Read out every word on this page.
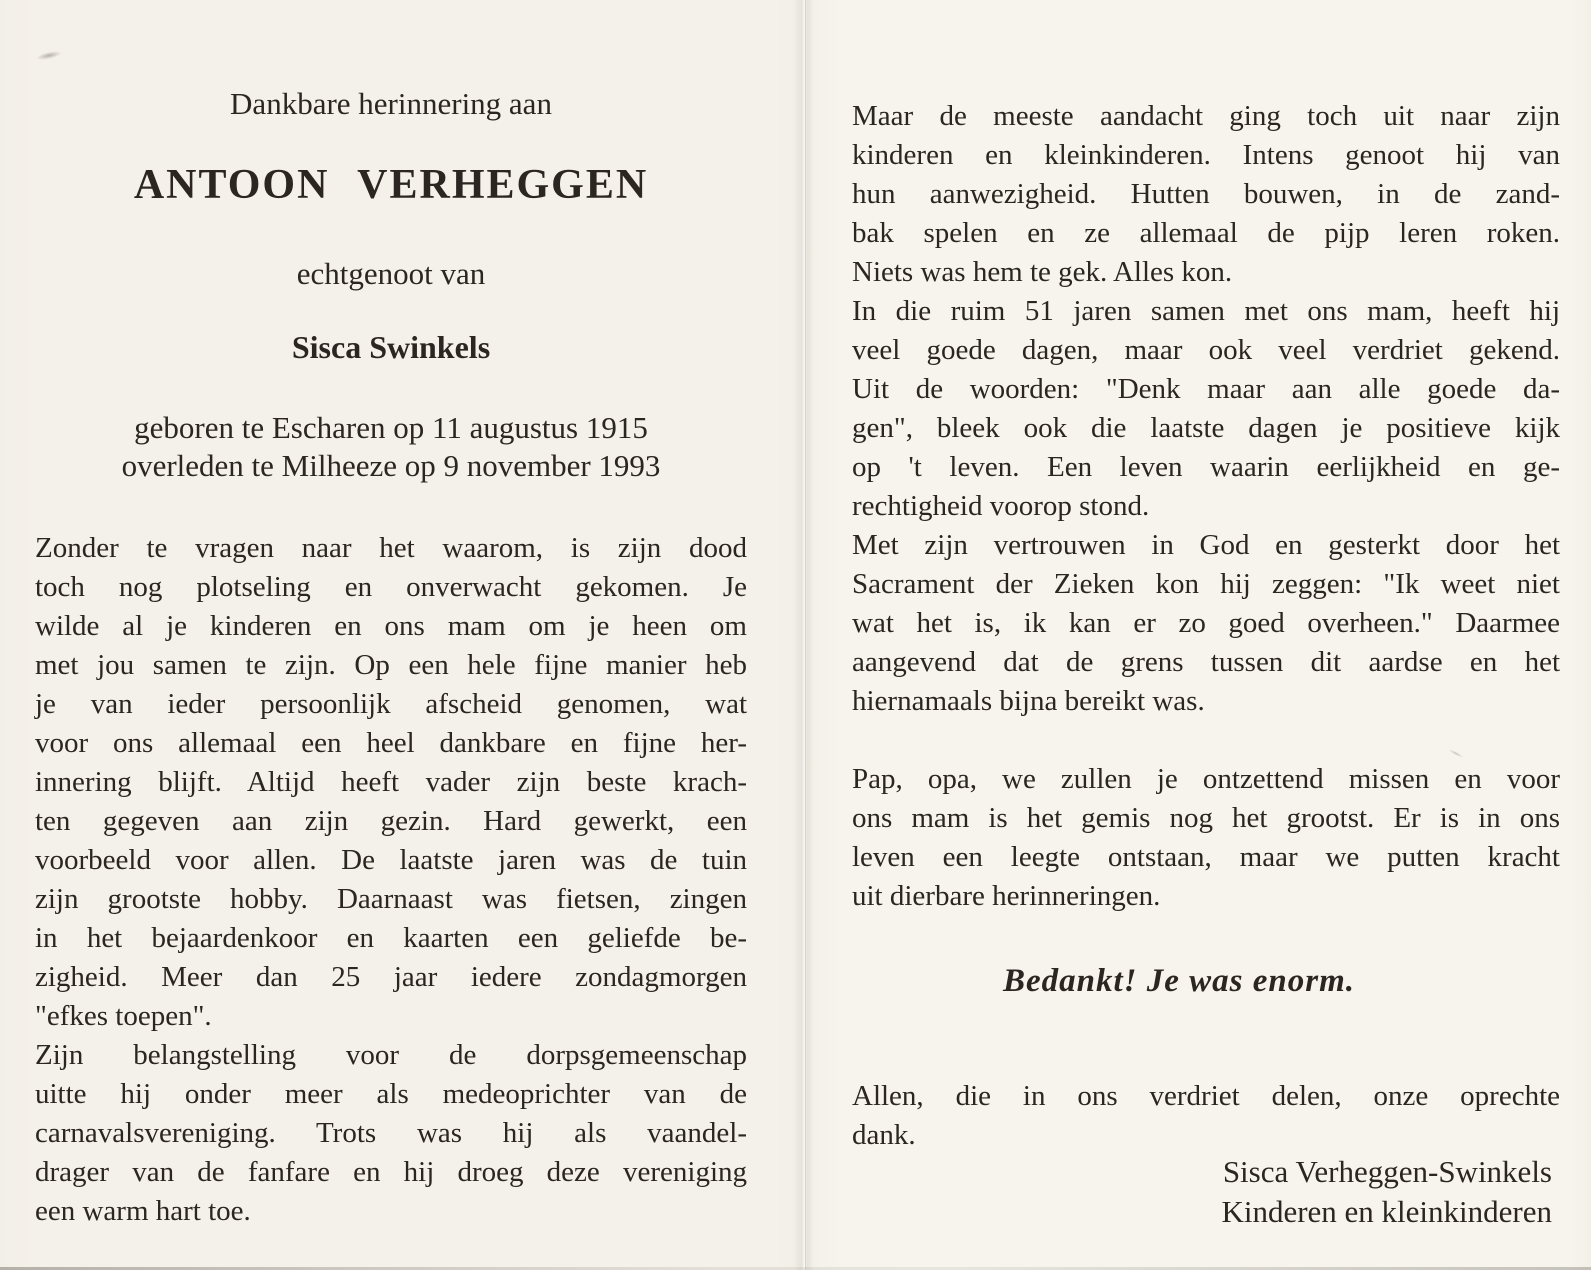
Dankbare herinnering aan
ANTOON VERHEGGEN
echtgenoot van
Sisca Swinkels
geboren te Escharen op 11 augustus 1915
overleden te Milheeze op 9 november 1993
Zonder te vragen naar het waarom, is zijn dood
toch nog plotseling en onverwacht gekomen. Je
wilde al je kinderen en ons mam om je heen om
met jou samen te zijn. Op een hele fijne manier heb
je van ieder persoonlijk afscheid genomen, wat
voor ons allemaal een heel dankbare en fijne her-
innering blijft. Altijd heeft vader zijn beste krach-
ten gegeven aan zijn gezin. Hard gewerkt, een
voorbeeld voor allen. De laatste jaren was de tuin
zijn grootste hobby. Daarnaast was fietsen, zingen
in het bejaardenkoor en kaarten een geliefde be-
zigheid. Meer dan 25 jaar iedere zondagmorgen
"efkes toepen".
Zijn belangstelling voor de dorpsgemeenschap
uitte hij onder meer als medeoprichter van de
carnavalsvereniging. Trots was hij als vaandel-
drager van de fanfare en hij droeg deze vereniging
een warm hart toe.
Maar de meeste aandacht ging toch uit naar zijn
kinderen en kleinkinderen. Intens genoot hij van
hun aanwezigheid. Hutten bouwen, in de zand-
bak spelen en ze allemaal de pijp leren roken.
Niets was hem te gek. Alles kon.
In die ruim 51 jaren samen met ons mam, heeft hij
veel goede dagen, maar ook veel verdriet gekend.
Uit de woorden: "Denk maar aan alle goede da-
gen", bleek ook die laatste dagen je positieve kijk
op 't leven. Een leven waarin eerlijkheid en ge-
rechtigheid voorop stond.
Met zijn vertrouwen in God en gesterkt door het
Sacrament der Zieken kon hij zeggen: "Ik weet niet
wat het is, ik kan er zo goed overheen." Daarmee
aangevend dat de grens tussen dit aardse en het
hiernamaals bijna bereikt was.
Pap, opa, we zullen je ontzettend missen en voor
ons mam is het gemis nog het grootst. Er is in ons
leven een leegte ontstaan, maar we putten kracht
uit dierbare herinneringen.
Bedankt! Je was enorm.
Allen, die in ons verdriet delen, onze oprechte
dank.
Sisca Verheggen-Swinkels
Kinderen en kleinkinderen
